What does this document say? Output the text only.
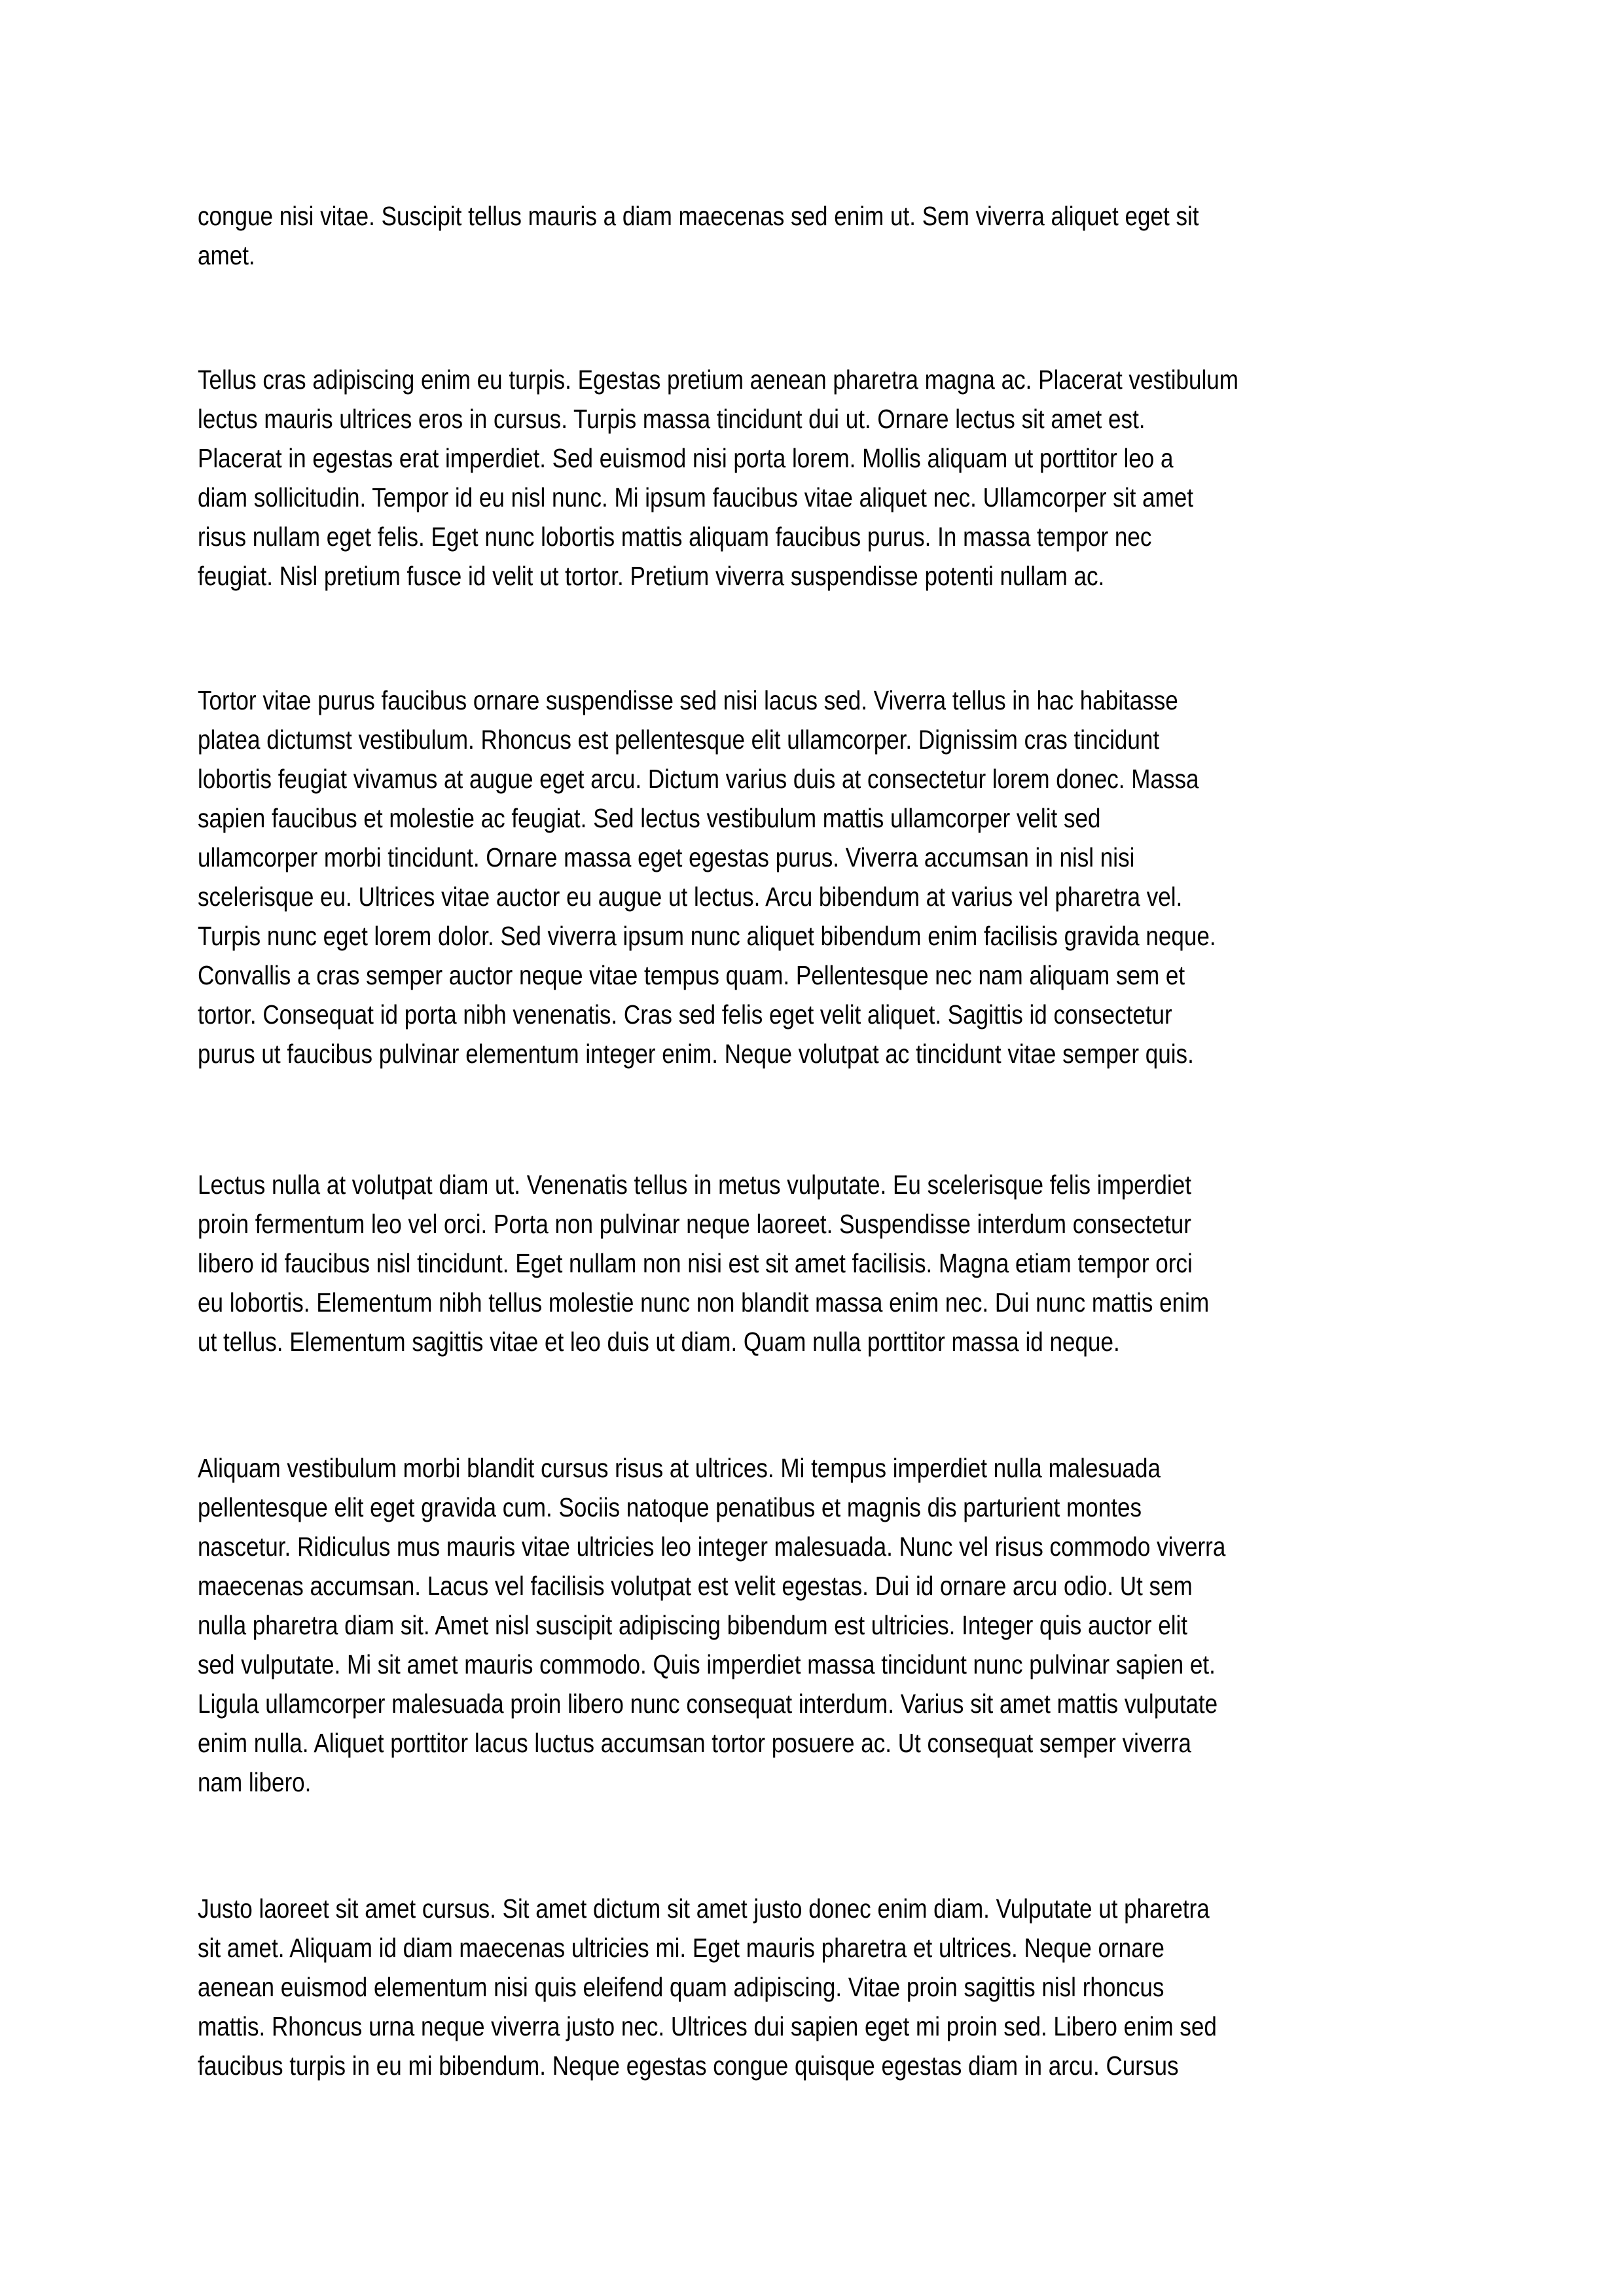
congue nisi vitae. Suscipit tellus mauris a diam maecenas sed enim ut. Sem viverra aliquet eget sit
amet.
Tellus cras adipiscing enim eu turpis. Egestas pretium aenean pharetra magna ac. Placerat vestibulum
lectus mauris ultrices eros in cursus. Turpis massa tincidunt dui ut. Ornare lectus sit amet est.
Placerat in egestas erat imperdiet. Sed euismod nisi porta lorem. Mollis aliquam ut porttitor leo a
diam sollicitudin. Tempor id eu nisl nunc. Mi ipsum faucibus vitae aliquet nec. Ullamcorper sit amet
risus nullam eget felis. Eget nunc lobortis mattis aliquam faucibus purus. In massa tempor nec
feugiat. Nisl pretium fusce id velit ut tortor. Pretium viverra suspendisse potenti nullam ac.
Tortor vitae purus faucibus ornare suspendisse sed nisi lacus sed. Viverra tellus in hac habitasse
platea dictumst vestibulum. Rhoncus est pellentesque elit ullamcorper. Dignissim cras tincidunt
lobortis feugiat vivamus at augue eget arcu. Dictum varius duis at consectetur lorem donec. Massa
sapien faucibus et molestie ac feugiat. Sed lectus vestibulum mattis ullamcorper velit sed
ullamcorper morbi tincidunt. Ornare massa eget egestas purus. Viverra accumsan in nisl nisi
scelerisque eu. Ultrices vitae auctor eu augue ut lectus. Arcu bibendum at varius vel pharetra vel.
Turpis nunc eget lorem dolor. Sed viverra ipsum nunc aliquet bibendum enim facilisis gravida neque.
Convallis a cras semper auctor neque vitae tempus quam. Pellentesque nec nam aliquam sem et
tortor. Consequat id porta nibh venenatis. Cras sed felis eget velit aliquet. Sagittis id consectetur
purus ut faucibus pulvinar elementum integer enim. Neque volutpat ac tincidunt vitae semper quis.
Lectus nulla at volutpat diam ut. Venenatis tellus in metus vulputate. Eu scelerisque felis imperdiet
proin fermentum leo vel orci. Porta non pulvinar neque laoreet. Suspendisse interdum consectetur
libero id faucibus nisl tincidunt. Eget nullam non nisi est sit amet facilisis. Magna etiam tempor orci
eu lobortis. Elementum nibh tellus molestie nunc non blandit massa enim nec. Dui nunc mattis enim
ut tellus. Elementum sagittis vitae et leo duis ut diam. Quam nulla porttitor massa id neque.
Aliquam vestibulum morbi blandit cursus risus at ultrices. Mi tempus imperdiet nulla malesuada
pellentesque elit eget gravida cum. Sociis natoque penatibus et magnis dis parturient montes
nascetur. Ridiculus mus mauris vitae ultricies leo integer malesuada. Nunc vel risus commodo viverra
maecenas accumsan. Lacus vel facilisis volutpat est velit egestas. Dui id ornare arcu odio. Ut sem
nulla pharetra diam sit. Amet nisl suscipit adipiscing bibendum est ultricies. Integer quis auctor elit
sed vulputate. Mi sit amet mauris commodo. Quis imperdiet massa tincidunt nunc pulvinar sapien et.
Ligula ullamcorper malesuada proin libero nunc consequat interdum. Varius sit amet mattis vulputate
enim nulla. Aliquet porttitor lacus luctus accumsan tortor posuere ac. Ut consequat semper viverra
nam libero.
Justo laoreet sit amet cursus. Sit amet dictum sit amet justo donec enim diam. Vulputate ut pharetra
sit amet. Aliquam id diam maecenas ultricies mi. Eget mauris pharetra et ultrices. Neque ornare
aenean euismod elementum nisi quis eleifend quam adipiscing. Vitae proin sagittis nisl rhoncus
mattis. Rhoncus urna neque viverra justo nec. Ultrices dui sapien eget mi proin sed. Libero enim sed
faucibus turpis in eu mi bibendum. Neque egestas congue quisque egestas diam in arcu. Cursus
